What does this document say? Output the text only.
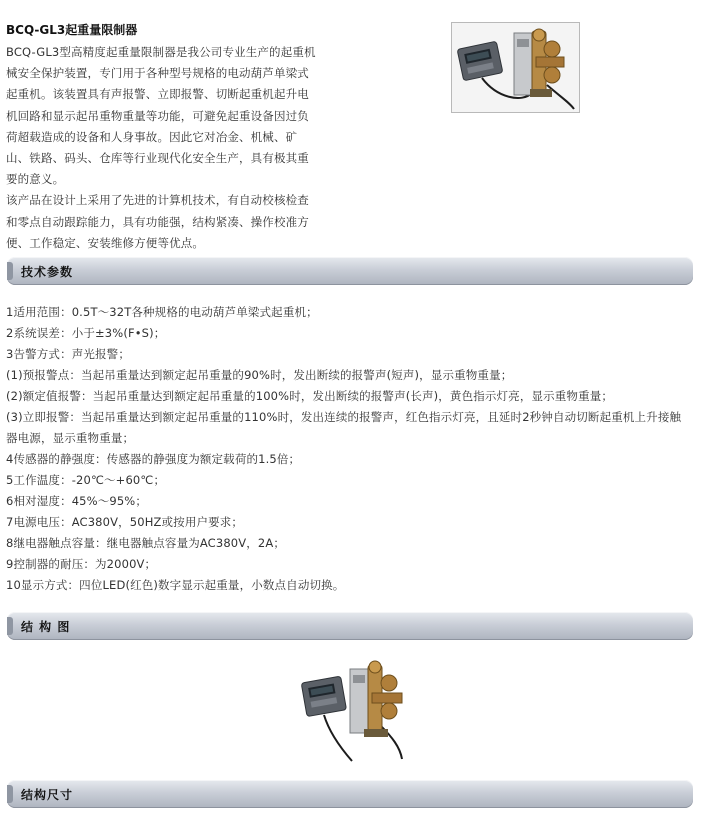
BCQ-GL3起重量限制器

BCQ-GL3型高精度起重量限制器是我公司专业生产的起重机

械安全保护装置，专门用于各种型号规格的电动葫芦单梁式

起重机。该装置具有声报警、立即报警、切断起重机起升电

机回路和显示起吊重物重量等功能，可避免起重设备因过负

荷超载造成的设备和人身事故。因此它对冶金、机械、矿

山、铁路、码头、仓库等行业现代化安全生产，具有极其重

要的意义。

该产品在设计上采用了先进的计算机技术，有自动校核检查

和零点自动跟踪能力，具有功能强，结构紧凑、操作校准方

便、工作稳定、安装维修方便等优点。

技术参数

1适用范围：0.5T～32T各种规格的电动葫芦单梁式起重机；

2系统误差：小于±3%(F•S)；

3告警方式：声光报警；

(1)预报警点：当起吊重量达到额定起吊重量的90%时，发出断续的报警声(短声)，显示重物重量；

(2)额定值报警：当起吊重量达到额定起吊重量的100%时，发出断续的报警声(长声)，黄色指示灯亮，显示重物重量；

(3)立即报警：当起吊重量达到额定起吊重量的110%时，发出连续的报警声，红色指示灯亮，且延时2秒钟自动切断起重机上升接触

器电源，显示重物重量；

4传感器的静强度：传感器的静强度为额定载荷的1.5倍；

5工作温度：-20℃～+60℃；

6相对湿度：45%～95%；

7电源电压：AC380V，50HZ或按用户要求；

8继电器触点容量：继电器触点容量为AC380V，2A；

9控制器的耐压：为2000V；

10显示方式：四位LED(红色)数字显示起重量，小数点自动切换。

结 构 图
结构尺寸
